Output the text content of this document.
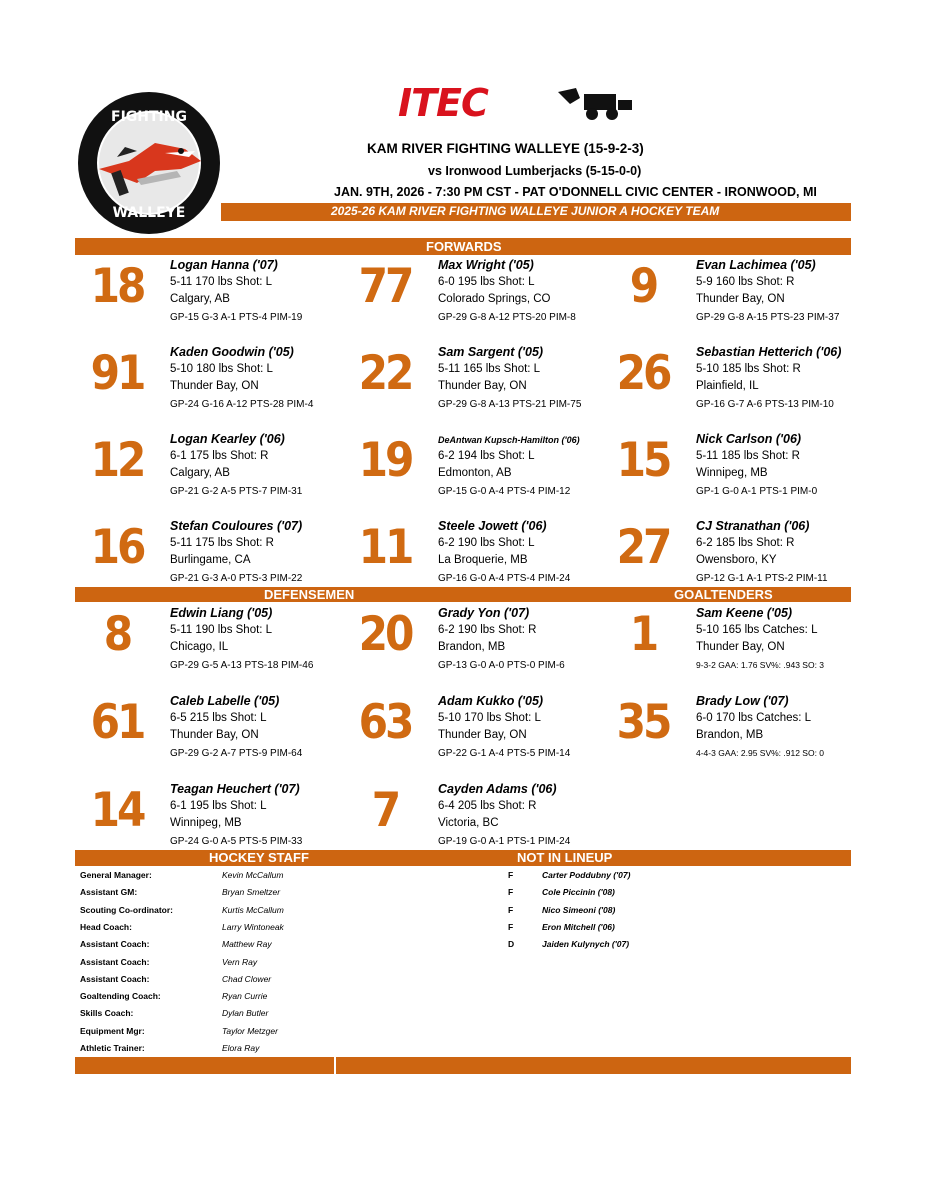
FIGHTING
WALLEYE
ITEC
KAM RIVER FIGHTING WALLEYE (15-9-2-3)
vs Ironwood Lumberjacks (5-15-0-0)
JAN. 9TH, 2026 - 7:30 PM CST - PAT O'DONNELL CIVIC CENTER - IRONWOOD, MI
2025-26 KAM RIVER FIGHTING WALLEYE JUNIOR A HOCKEY TEAM
FORWARDS
DEFENSEMEN	GOALTENDERS
18	Logan Hanna ('07)
5-11 170 lbs Shot: L
Calgary, AB
GP-15 G-3 A-1 PTS-4 PIM-19
77	Max Wright ('05)
6-0 195 lbs Shot: L
Colorado Springs, CO
GP-29 G-8 A-12 PTS-20 PIM-8
9	Evan Lachimea ('05)
5-9 160 lbs Shot: R
Thunder Bay, ON
GP-29 G-8 A-15 PTS-23 PIM-37
91	Kaden Goodwin ('05)
5-10 180 lbs Shot: L
Thunder Bay, ON
GP-24 G-16 A-12 PTS-28 PIM-4
22	Sam Sargent ('05)
5-11 165 lbs Shot: L
Thunder Bay, ON
GP-29 G-8 A-13 PTS-21 PIM-75
26	Sebastian Hetterich ('06)
5-10 185 lbs Shot: R
Plainfield, IL
GP-16 G-7 A-6 PTS-13 PIM-10
12	Logan Kearley ('06)
6-1 175 lbs Shot: R
Calgary, AB
GP-21 G-2 A-5 PTS-7 PIM-31
19	DeAntwan Kupsch-Hamilton ('06)
6-2 194 lbs Shot: L
Edmonton, AB
GP-15 G-0 A-4 PTS-4 PIM-12
15	Nick Carlson ('06)
5-11 185 lbs Shot: R
Winnipeg, MB
GP-1 G-0 A-1 PTS-1 PIM-0
16	Stefan Couloures ('07)
5-11 175 lbs Shot: R
Burlingame, CA
GP-21 G-3 A-0 PTS-3 PIM-22
11	Steele Jowett ('06)
6-2 190 lbs Shot: L
La Broquerie, MB
GP-16 G-0 A-4 PTS-4 PIM-24
27	CJ Stranathan ('06)
6-2 185 lbs Shot: R
Owensboro, KY
GP-12 G-1 A-1 PTS-2 PIM-11
8	Edwin Liang ('05)
5-11 190 lbs Shot: L
Chicago, IL
GP-29 G-5 A-13 PTS-18 PIM-46
20	Grady Yon ('07)
6-2 190 lbs Shot: R
Brandon, MB
GP-13 G-0 A-0 PTS-0 PIM-6
1	Sam Keene ('05)
5-10 165 lbs Catches: L
Thunder Bay, ON
9-3-2 GAA: 1.76 SV%: .943 SO: 3
61	Caleb Labelle ('05)
6-5 215 lbs Shot: L
Thunder Bay, ON
GP-29 G-2 A-7 PTS-9 PIM-64
63	Adam Kukko ('05)
5-10 170 lbs Shot: L
Thunder Bay, ON
GP-22 G-1 A-4 PTS-5 PIM-14
35	Brady Low ('07)
6-0 170 lbs Catches: L
Brandon, MB
4-4-3 GAA: 2.95 SV%: .912 SO: 0
14	Teagan Heuchert ('07)
6-1 195 lbs Shot: L
Winnipeg, MB
GP-24 G-0 A-5 PTS-5 PIM-33
7	Cayden Adams ('06)
6-4 205 lbs Shot: R
Victoria, BC
GP-19 G-0 A-1 PTS-1 PIM-24
HOCKEY STAFF	NOT IN LINEUP
General Manager:	Kevin McCallum
Assistant GM:	Bryan Smeltzer
Scouting Co-ordinator:	Kurtis McCallum
Head Coach:	Larry Wintoneak
Assistant Coach:	Matthew Ray
Assistant Coach:	Vern Ray
Assistant Coach:	Chad Clower
Goaltending Coach:	Ryan Currie
Skills Coach:	Dylan Butler
Equipment Mgr:	Taylor Metzger
Athletic Trainer:	Elora Ray
F	Carter Poddubny ('07)
F	Cole Piccinin ('08)
F	Nico Simeoni ('08)
F	Eron Mitchell ('06)
D	Jaiden Kulynych ('07)
